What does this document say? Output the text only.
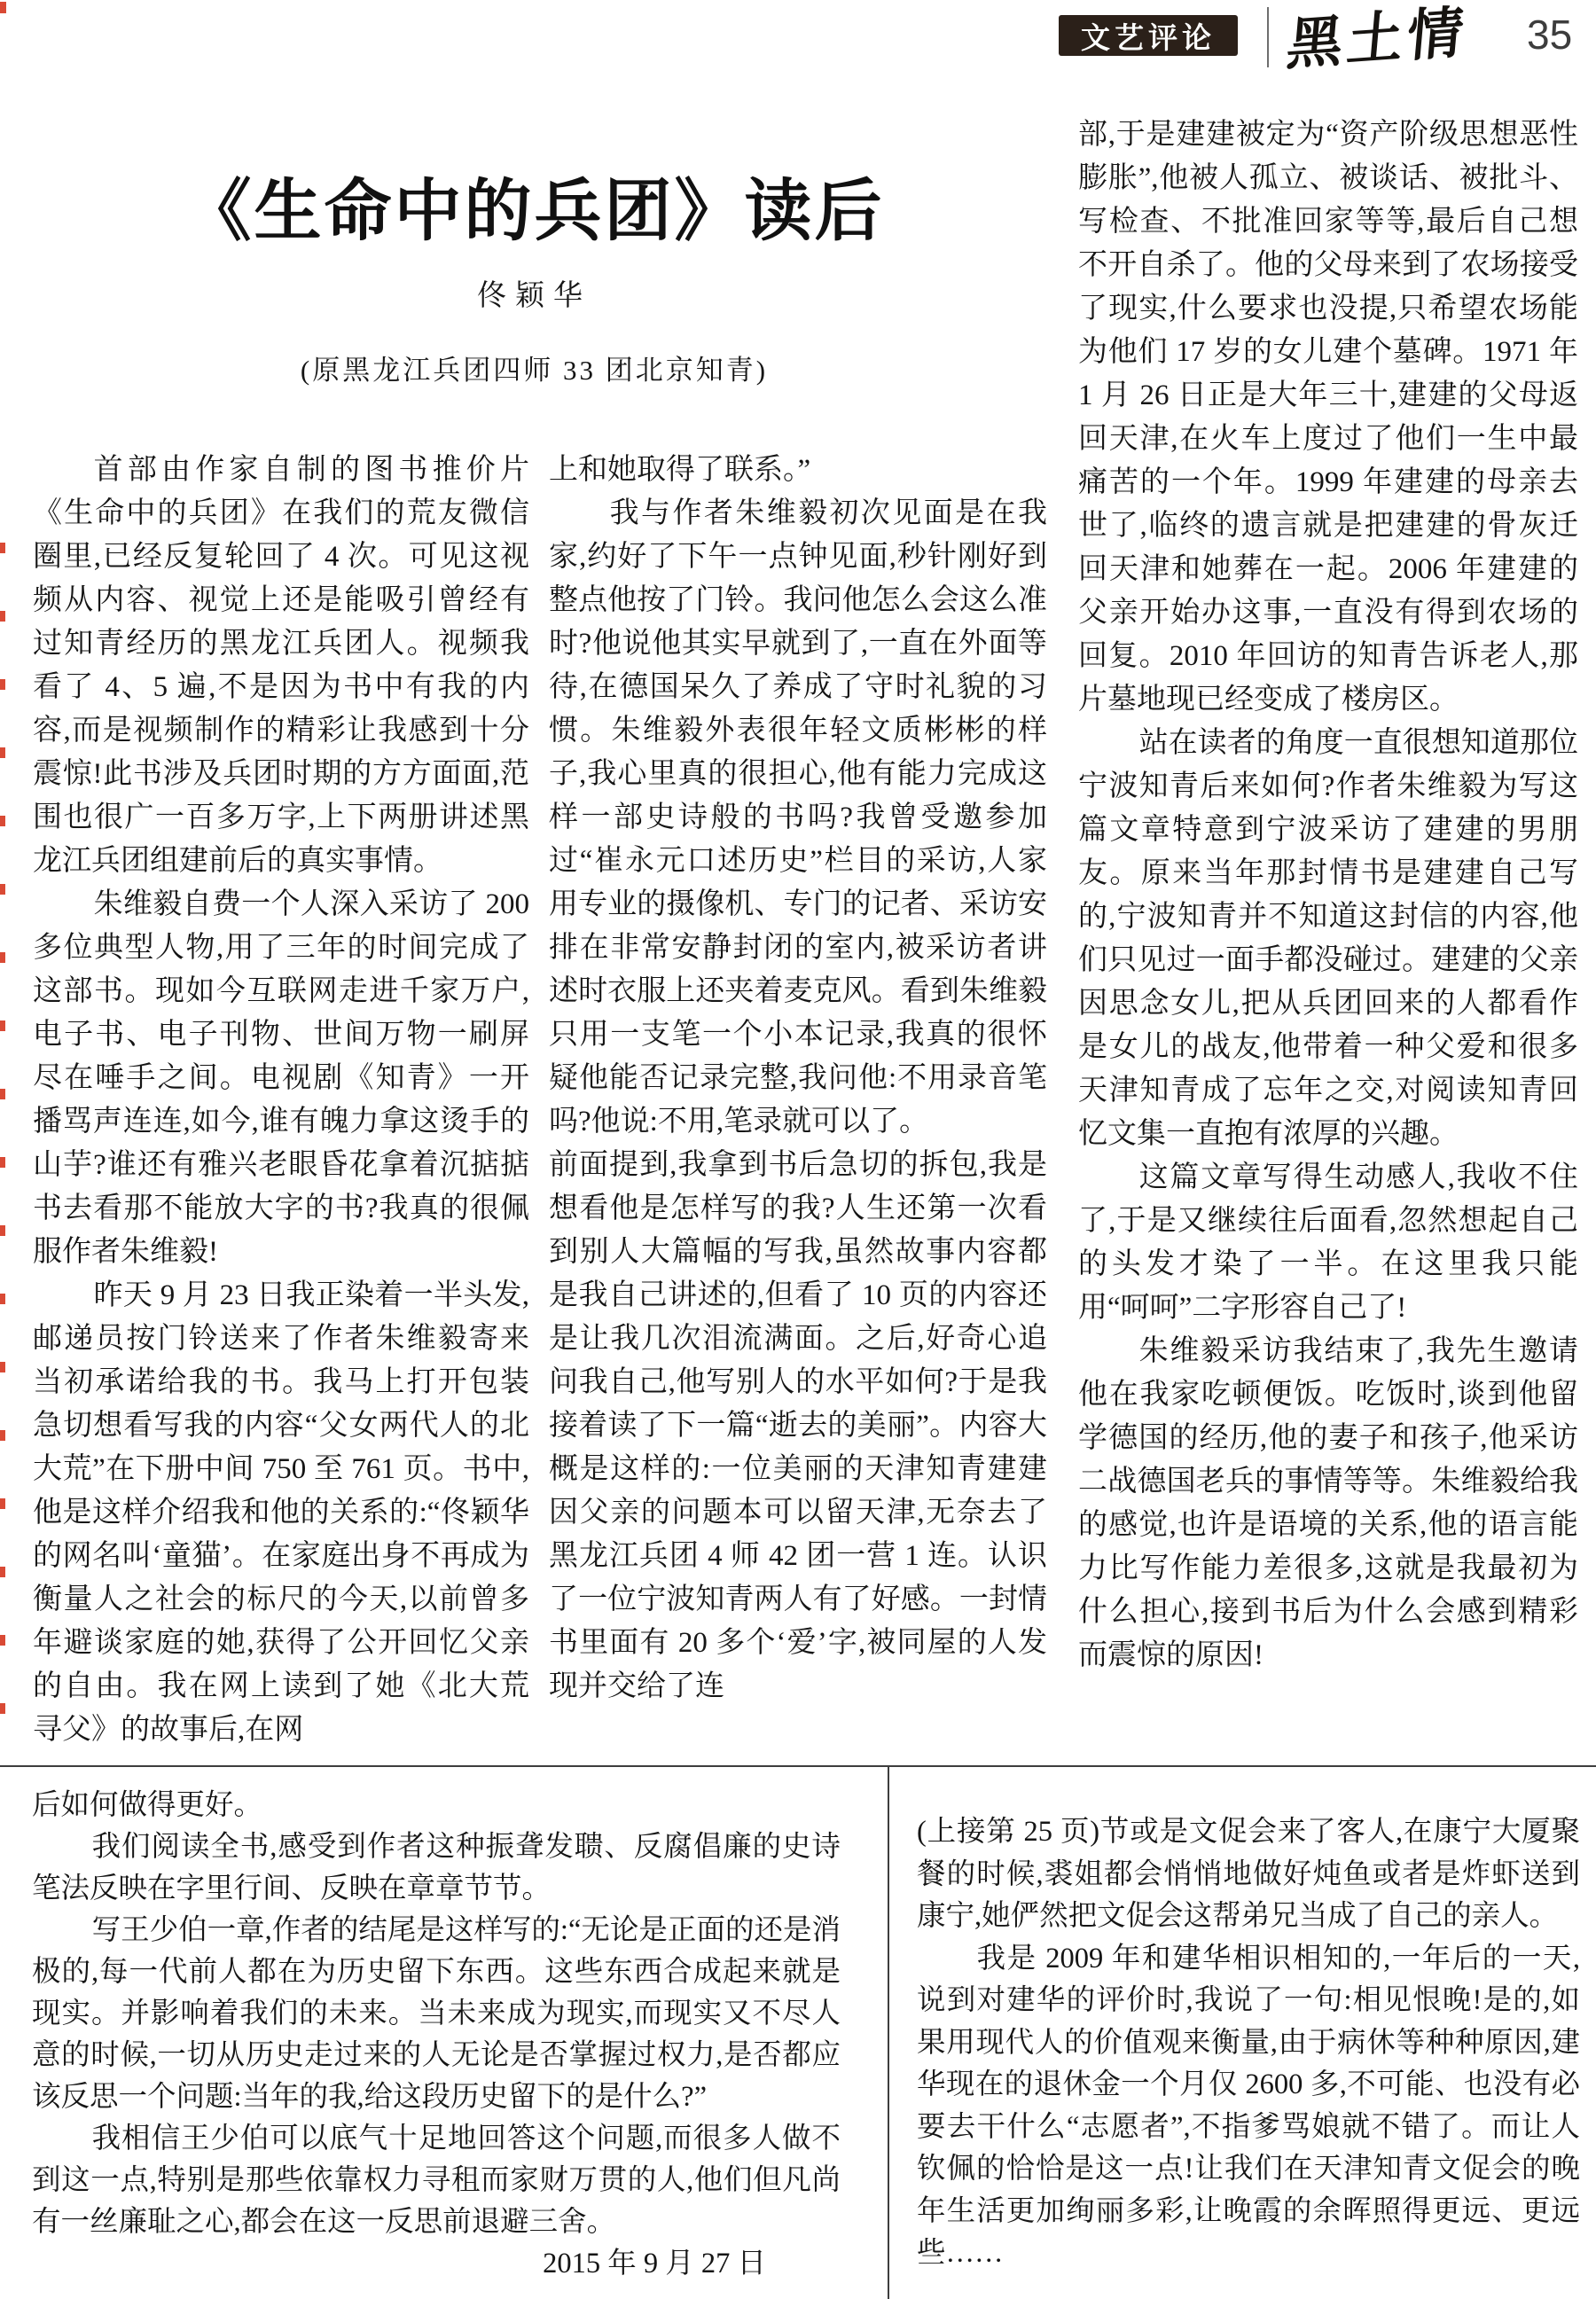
文艺评论 黑土情	35
《生命中的兵团》读后
佟颖华
(原黑龙江兵团四师 33 团北京知青)

首部由作家自制的图书推价片《生命中的兵团》在我们的荒友微信圈里,已经反复轮回了 4 次。可见这视频从内容、视觉上还是能吸引曾经有过知青经历的黑龙江兵团人。视频我看了 4、5 遍,不是因为书中有我的内容,而是视频制作的精彩让我感到十分震惊!此书涉及兵团时期的方方面面,范围也很广一百多万字,上下两册讲述黑龙江兵团组建前后的真实事情。

朱维毅自费一个人深入采访了 200 多位典型人物,用了三年的时间完成了这部书。现如今互联网走进千家万户,电子书、电子刊物、世间万物一刷屏尽在唾手之间。电视剧《知青》一开播骂声连连,如今,谁有魄力拿这烫手的山芋?谁还有雅兴老眼昏花拿着沉掂掂书去看那不能放大字的书?我真的很佩服作者朱维毅!

昨天 9 月 23 日我正染着一半头发,邮递员按门铃送来了作者朱维毅寄来当初承诺给我的书。我马上打开包装急切想看写我的内容“父女两代人的北大荒”在下册中间 750 至 761 页。书中,他是这样介绍我和他的关系的:“佟颖华的网名叫‘童猫’。在家庭出身不再成为衡量人之社会的标尺的今天,以前曾多年避谈家庭的她,获得了公开回忆父亲的自由。我在网上读到了她《北大荒寻父》的故事后,在网

上和她取得了联系。”

我与作者朱维毅初次见面是在我家,约好了下午一点钟见面,秒针刚好到整点他按了门铃。我问他怎么会这么准时?他说他其实早就到了,一直在外面等待,在德国呆久了养成了守时礼貌的习惯。朱维毅外表很年轻文质彬彬的样子,我心里真的很担心,他有能力完成这样一部史诗般的书吗?我曾受邀参加过“崔永元口述历史”栏目的采访,人家用专业的摄像机、专门的记者、采访安排在非常安静封闭的室内,被采访者讲述时衣服上还夹着麦克风。看到朱维毅只用一支笔一个小本记录,我真的很怀疑他能否记录完整,我问他:不用录音笔吗?他说:不用,笔录就可以了。

前面提到,我拿到书后急切的拆包,我是想看他是怎样写的我?人生还第一次看到别人大篇幅的写我,虽然故事内容都是我自己讲述的,但看了 10 页的内容还是让我几次泪流满面。之后,好奇心追问我自己,他写别人的水平如何?于是我接着读了下一篇“逝去的美丽”。内容大概是这样的:一位美丽的天津知青建建因父亲的问题本可以留天津,无奈去了黑龙江兵团 4 师 42 团一营 1 连。认识了一位宁波知青两人有了好感。一封情书里面有 20 多个‘爱’字,被同屋的人发现并交给了连

部,于是建建被定为“资产阶级思想恶性膨胀”,他被人孤立、被谈话、被批斗、写检查、不批准回家等等,最后自己想不开自杀了。他的父母来到了农场接受了现实,什么要求也没提,只希望农场能为他们 17 岁的女儿建个墓碑。1971 年 1 月 26 日正是大年三十,建建的父母返回天津,在火车上度过了他们一生中最痛苦的一个年。1999 年建建的母亲去世了,临终的遗言就是把建建的骨灰迁回天津和她葬在一起。2006 年建建的父亲开始办这事,一直没有得到农场的回复。2010 年回访的知青告诉老人,那片墓地现已经变成了楼房区。

站在读者的角度一直很想知道那位宁波知青后来如何?作者朱维毅为写这篇文章特意到宁波采访了建建的男朋友。原来当年那封情书是建建自己写的,宁波知青并不知道这封信的内容,他们只见过一面手都没碰过。建建的父亲因思念女儿,把从兵团回来的人都看作是女儿的战友,他带着一种父爱和很多天津知青成了忘年之交,对阅读知青回忆文集一直抱有浓厚的兴趣。

这篇文章写得生动感人,我收不住了,于是又继续往后面看,忽然想起自己的头发才染了一半。在这里我只能用“呵呵”二字形容自己了!

朱维毅采访我结束了,我先生邀请他在我家吃顿便饭。吃饭时,谈到他留学德国的经历,他的妻子和孩子,他采访二战德国老兵的事情等等。朱维毅给我的感觉,也许是语境的关系,他的语言能力比写作能力差很多,这就是我最初为什么担心,接到书后为什么会感到精彩而震惊的原因!

后如何做得更好。

我们阅读全书,感受到作者这种振聋发聩、反腐倡廉的史诗笔法反映在字里行间、反映在章章节节。

写王少伯一章,作者的结尾是这样写的:“无论是正面的还是消极的,每一代前人都在为历史留下东西。这些东西合成起来就是现实。并影响着我们的未来。当未来成为现实,而现实又不尽人意的时候,一切从历史走过来的人无论是否掌握过权力,是否都应该反思一个问题:当年的我,给这段历史留下的是什么?”

我相信王少伯可以底气十足地回答这个问题,而很多人做不到这一点,特别是那些依靠权力寻租而家财万贯的人,他们但凡尚有一丝廉耻之心,都会在这一反思前退避三舍。

2015 年 9 月 27 日

(上接第 25 页)节或是文促会来了客人,在康宁大厦聚餐的时候,裘姐都会悄悄地做好炖鱼或者是炸虾送到康宁,她俨然把文促会这帮弟兄当成了自己的亲人。

我是 2009 年和建华相识相知的,一年后的一天,说到对建华的评价时,我说了一句:相见恨晚!是的,如果用现代人的价值观来衡量,由于病休等种种原因,建华现在的退休金一个月仅 2600 多,不可能、也没有必要去干什么“志愿者”,不指爹骂娘就不错了。而让人钦佩的恰恰是这一点!让我们在天津知青文促会的晚年生活更加绚丽多彩,让晚霞的余晖照得更远、更远些……
